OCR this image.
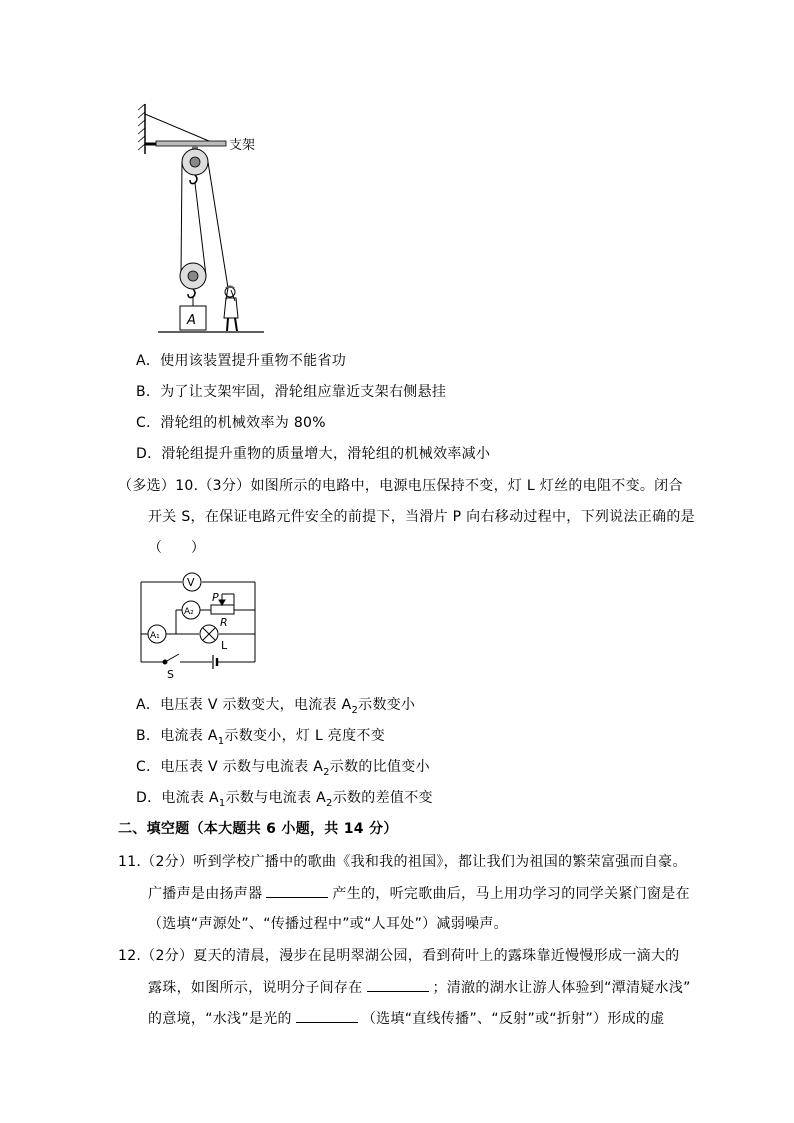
支架
A
A．使用该装置提升重物不能省功
B．为了让支架牢固，滑轮组应靠近支架右侧悬挂
C．滑轮组的机械效率为 80%
D．滑轮组提升重物的质量增大，滑轮组的机械效率减小
（多选）10.（3分）如图所示的电路中，电源电压保持不变，灯 L 灯丝的电阻不变。闭合
开关 S，在保证电路元件安全的前提下，当滑片 P 向右移动过程中，下列说法正确的是
（　　）
V
A₂
A₁
P
R
L
S
A．电压表 V 示数变大，电流表 $A_2$示数变小
B．电流表 $A_1$示数变小，灯 L 亮度不变
C．电压表 V 示数与电流表 $A_2$示数的比值变小
D．电流表 $A_1$示数与电流表 $A_2$示数的差值不变
二、填空题（本大题共 6 小题，共 14 分）
11.（2分）听到学校广播中的歌曲《我和我的祖国》，都让我们为祖国的繁荣富强而自豪。
广播声是由扬声器	产生的，听完歌曲后，马上用功学习的同学关紧门窗是在
（选填“声源处”、“传播过程中”或“人耳处”）减弱噪声。
12.（2分）夏天的清晨，漫步在昆明翠湖公园，看到荷叶上的露珠靠近慢慢形成一滴大的
露珠，如图所示，说明分子间存在	；清澈的湖水让游人体验到“潭清疑水浅”
的意境，“水浅”是光的	（选填“直线传播”、“反射”或“折射”）形成的虚
